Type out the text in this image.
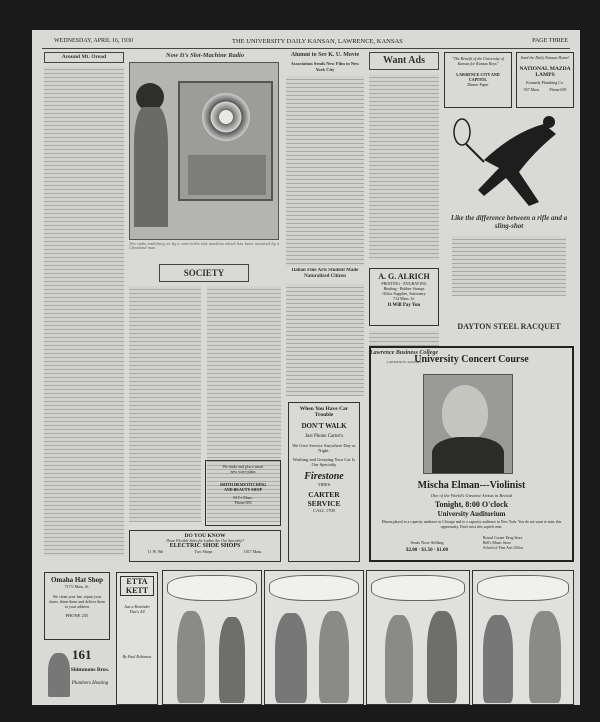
WEDNESDAY, APRIL 16, 1930	THE UNIVERSITY DAILY KANSAN, LAWRENCE, KANSAS	PAGE THREE
Around Mt. Oread
Omaha Hat Shop
717½ Mass. St.
We clean your hat, repair your shoes, shine them and deliver them to your address
PHONE 235
161
Shimmons Bros.
Plumbers Heating
Now It's Slot-Machine Radio
The radio switching on by a coin-in-the-slot machine which has been invented by a Cleveland man.
SOCIETY
We make and place smart
new wave plain
SMITH HEMSTITCHING
AND BEAUTY SHOP
931½ Mass.
Phone 683
DO YOU KNOW
Those Flexible Soles for Ladies Are Our Specialty?
ELECTRIC SHOE SHOPS
11 W. 9th	Two Shops	1017 Mass.
Alumni to See K. U. Movie
Association Sends New Film to New York City
Italian Fine Arts Student Made Naturalized Citizen
When You Have Car Trouble
DON'T WALK
Just Phone Carter's
We Give Service Anywhere Day or Night.
Washing and Greasing Your Car Is Our Specialty
Firestone
TIRES
CARTER SERVICE
CALL 1700
Want Ads
A. G. ALRICH
PRINTING - ENGRAVING
Binding - Rubber Stamps
Office Supplies, Stationery
714 Mass. St.
It Will Pay You
Lawrence Business College
LAWRENCE, KANSAS
"The Benefit of the University of Kansas for Kansas Boys"
LAWRENCE CITY AND CAPITOL
Dinner Paper
Send the Daily Kansan Home!
NATIONAL MAZDA LAMPS
Kennedy Plumbing Co.
937 Mass. Phone 658
Like the difference between a rifle and a sling-shot
DAYTON STEEL RACQUET
University Concert Course
Mischa Elman---Violinist
One of the World's Greatest Artists in Recital
Tonight, 8:00 O'clock
University Auditorium
Elman played to a capacity audience in Chicago and to a capacity audience in New York. You do not want to miss this opportunity. Don't miss this superb treat.
Seats Now Selling
$2.00 · $1.50 · $1.00
Round Corner Drug Store
Bell's Music Store
School of Fine Arts Office
ETTA KETT
Just a Reminder That's All
By Paul Robinson
